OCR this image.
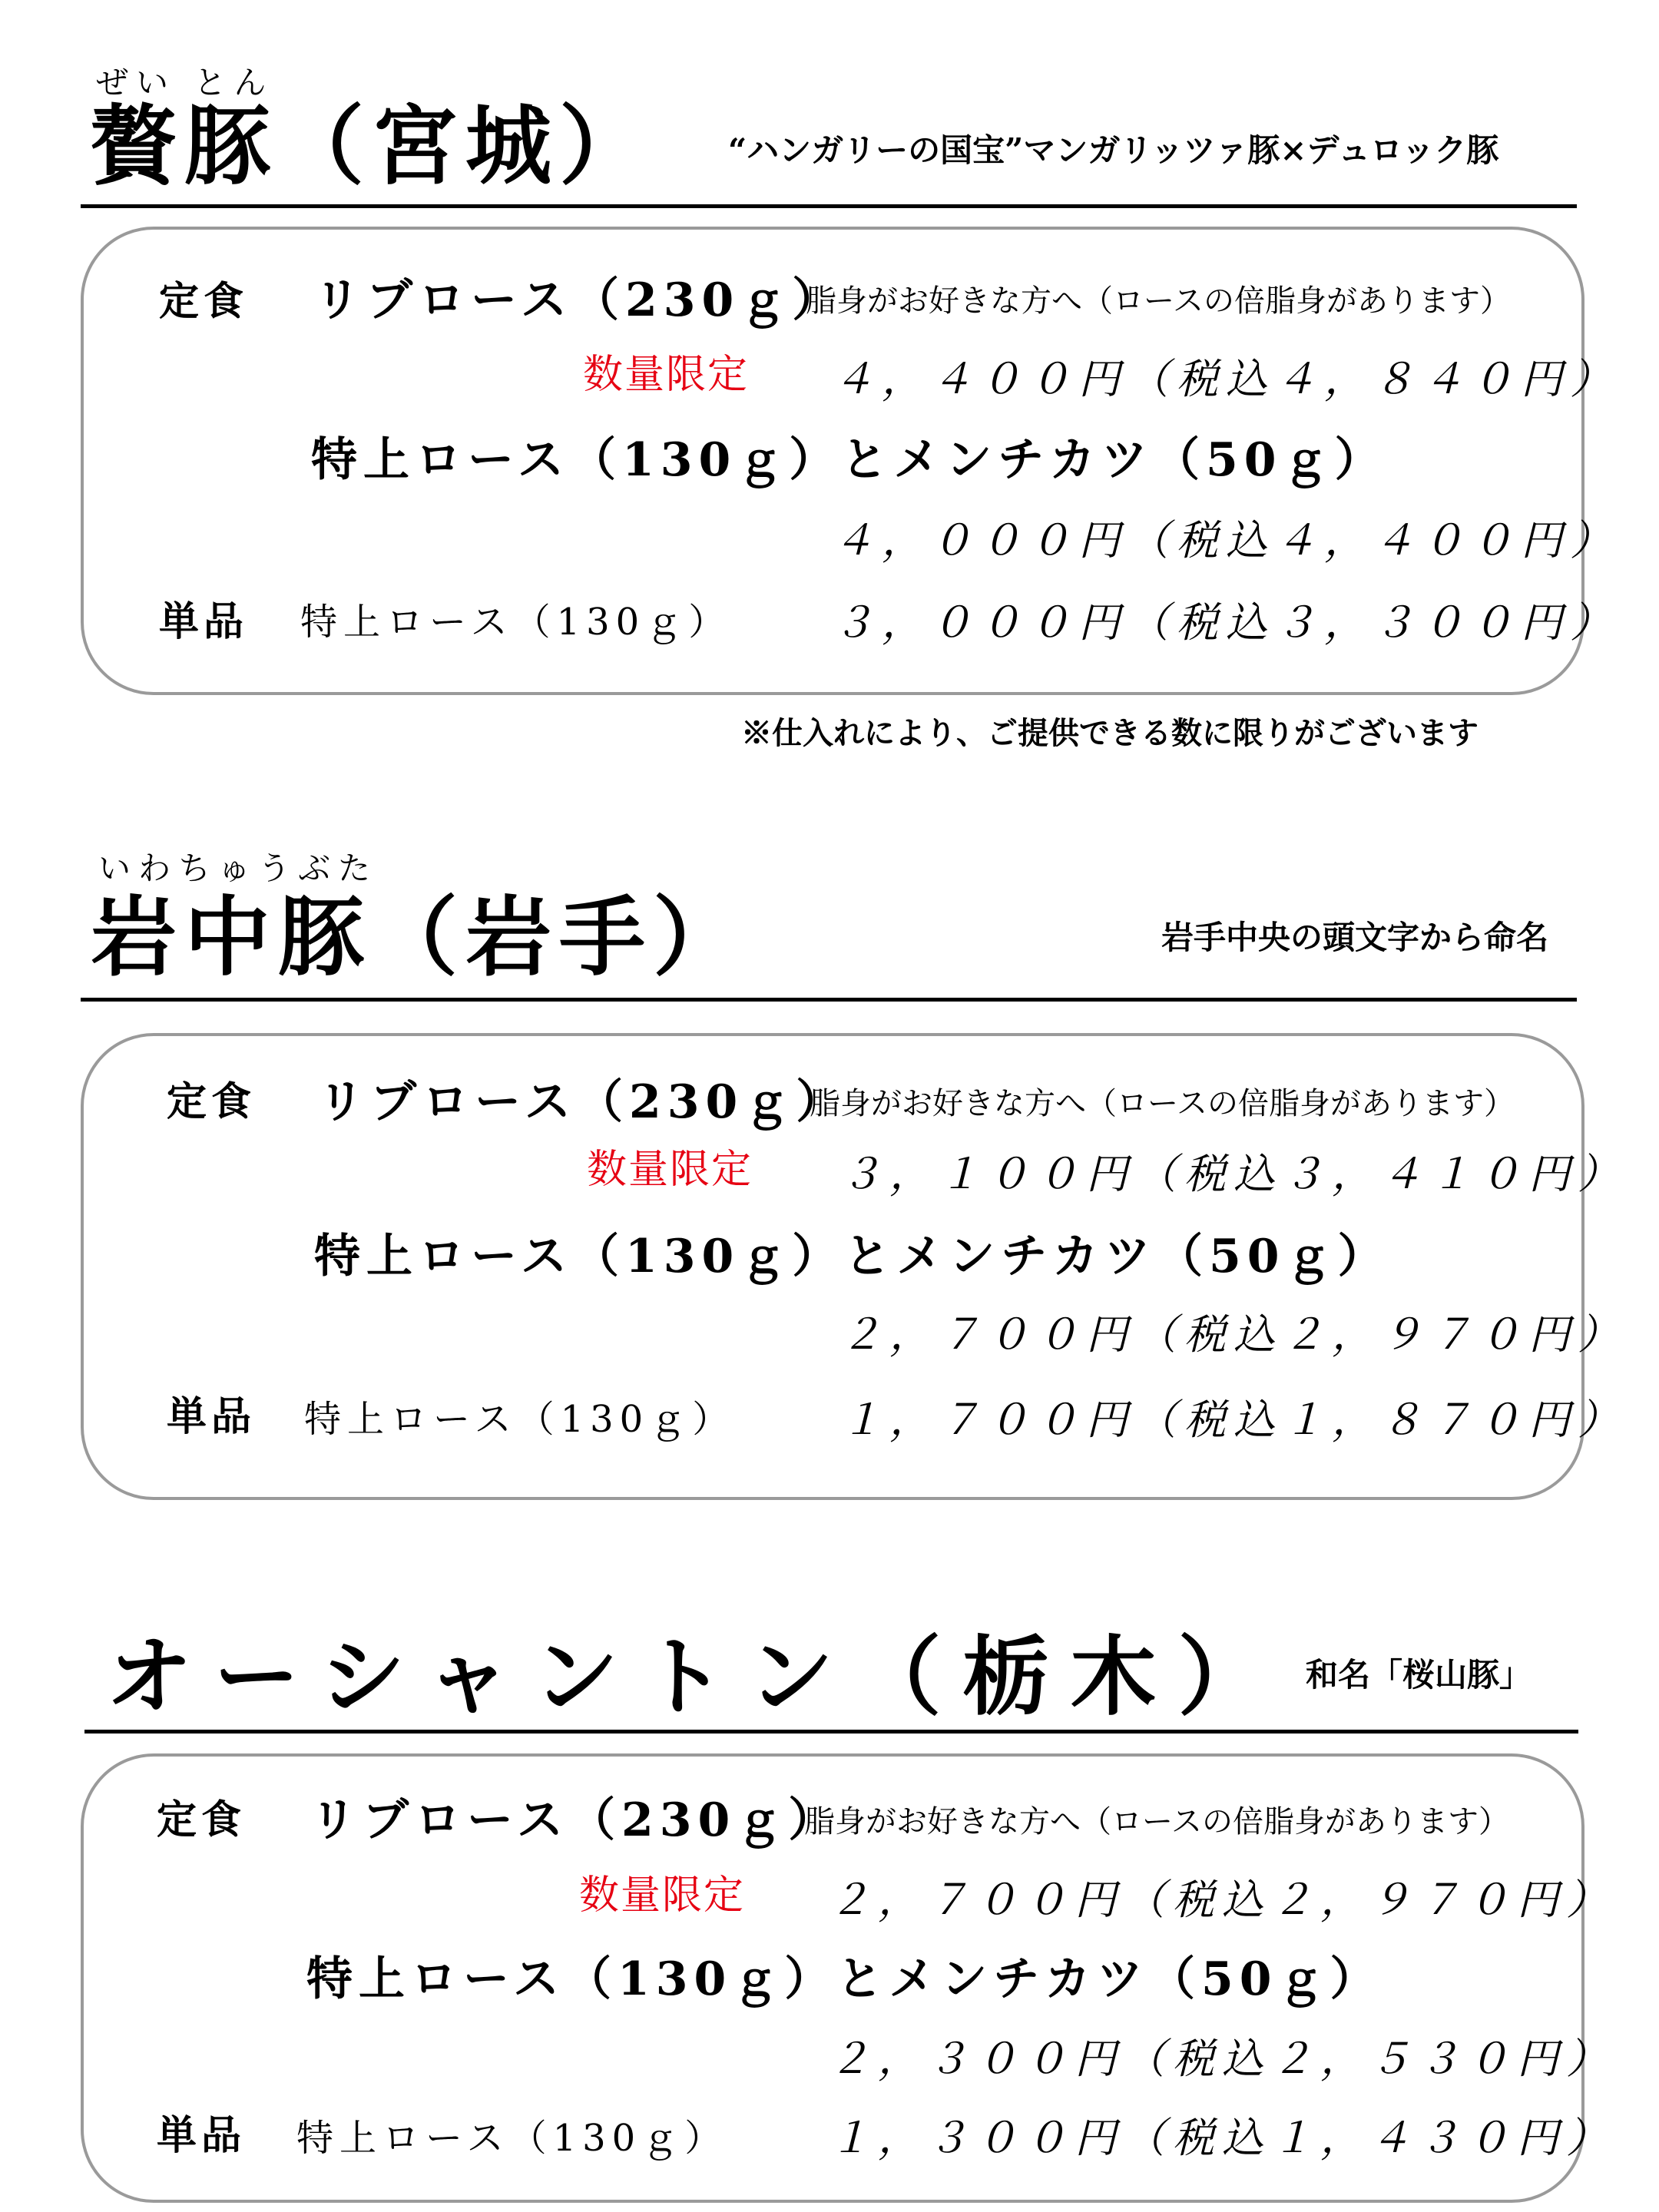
ぜい とん
贅豚（宮城） “ハンガリーの国宝”マンガリッツァ豚×デュロック豚
定食 リブロース（230ｇ）
脂身がお好きな方へ（ロースの倍脂身があります）
数量限定 ４，４００円（税込４，８４０円）
特上ロース（130ｇ）とメンチカツ（50ｇ）
４，０００円（税込４，４００円）
単品 特上ロース（130ｇ） ３，０００円（税込３，３００円）
※仕入れにより、ご提供できる数に限りがございます
いわちゅうぶた
岩中豚（岩手）	岩手中央の頭文字から命名
定食 リブロース（230ｇ）
脂身がお好きな方へ（ロースの倍脂身があります）
数量限定 ３，１００円（税込３，４１０円）
特上ロース（130ｇ）とメンチカツ（50ｇ）
２，７００円（税込２，９７０円）
単品 特上ロース（130ｇ）	１，７００円（税込１，８７０円）
オーシャントン（栃木） 和名「桜山豚」
定食 リブロース（230ｇ）
脂身がお好きな方へ（ロースの倍脂身があります）
数量限定 ２，７００円（税込２，９７０円）
特上ロース（130ｇ）とメンチカツ（50ｇ）
２，３００円（税込２，５３０円）
単品 特上ロース（130ｇ） １，３００円（税込１，４３０円）
